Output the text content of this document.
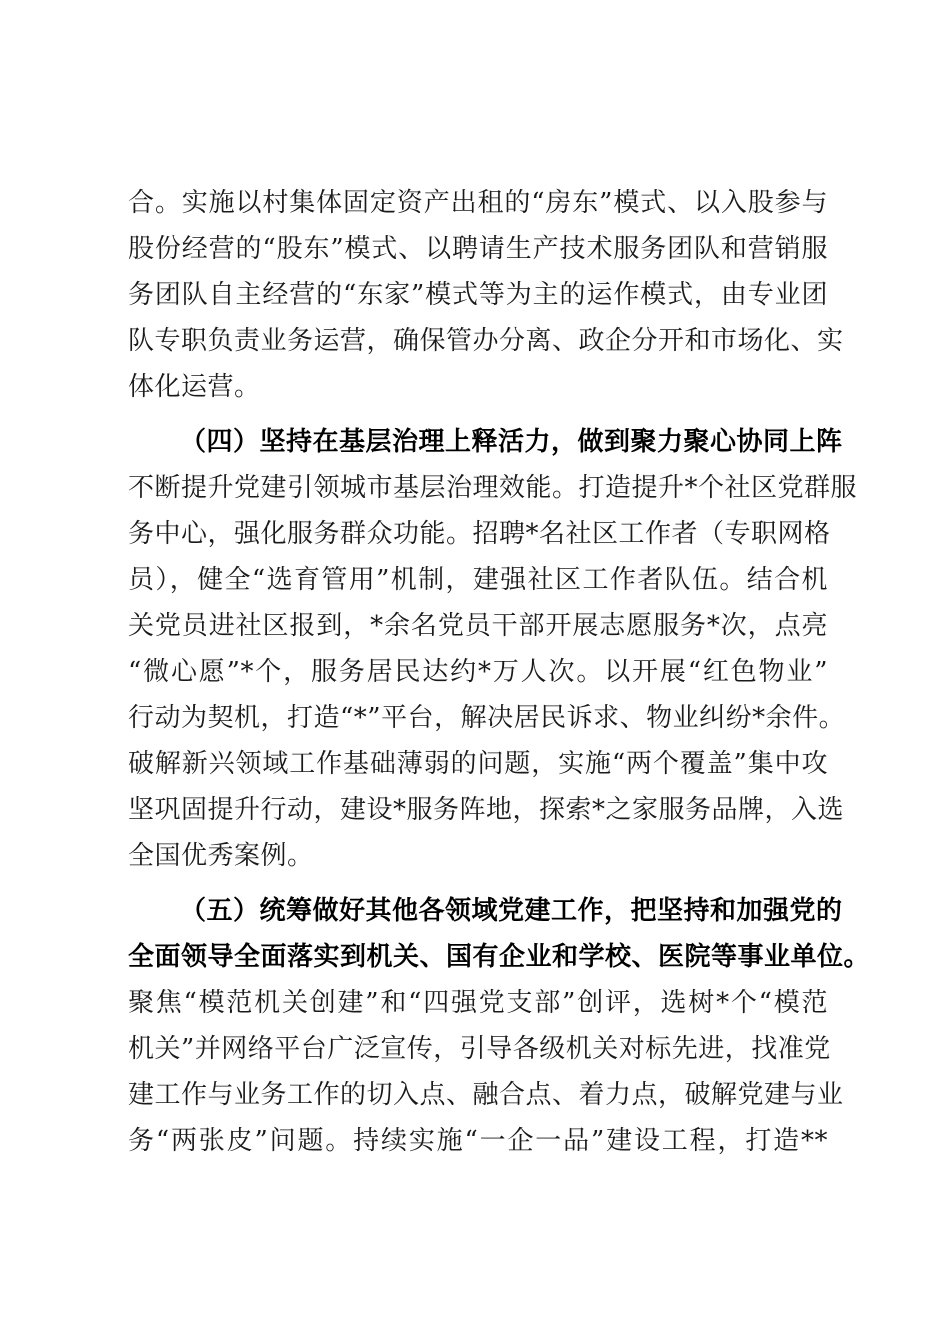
合。实施以村集体固定资产出租的“房东”模式、以入股参与
股份经营的“股东”模式、以聘请生产技术服务团队和营销服
务团队自主经营的“东家”模式等为主的运作模式，由专业团
队专职负责业务运营，确保管办分离、政企分开和市场化、实
体化运营。
（四）坚持在基层治理上释活力，做到聚力聚心协同上阵
不断提升党建引领城市基层治理效能。打造提升*个社区党群服
务中心，强化服务群众功能。招聘*名社区工作者（专职网格
员），健全“选育管用”机制，建强社区工作者队伍。结合机
关党员进社区报到，*余名党员干部开展志愿服务*次，点亮
“微心愿”*个，服务居民达约*万人次。以开展“红色物业”
行动为契机，打造“*”平台，解决居民诉求、物业纠纷*余件。
破解新兴领域工作基础薄弱的问题，实施“两个覆盖”集中攻
坚巩固提升行动，建设*服务阵地，探索*之家服务品牌，入选
全国优秀案例。
（五）统筹做好其他各领域党建工作，把坚持和加强党的
全面领导全面落实到机关、国有企业和学校、医院等事业单位。
聚焦“模范机关创建”和“四强党支部”创评，选树*个“模范
机关”并网络平台广泛宣传，引导各级机关对标先进，找准党
建工作与业务工作的切入点、融合点、着力点，破解党建与业
务“两张皮”问题。持续实施“一企一品”建设工程，打造**
